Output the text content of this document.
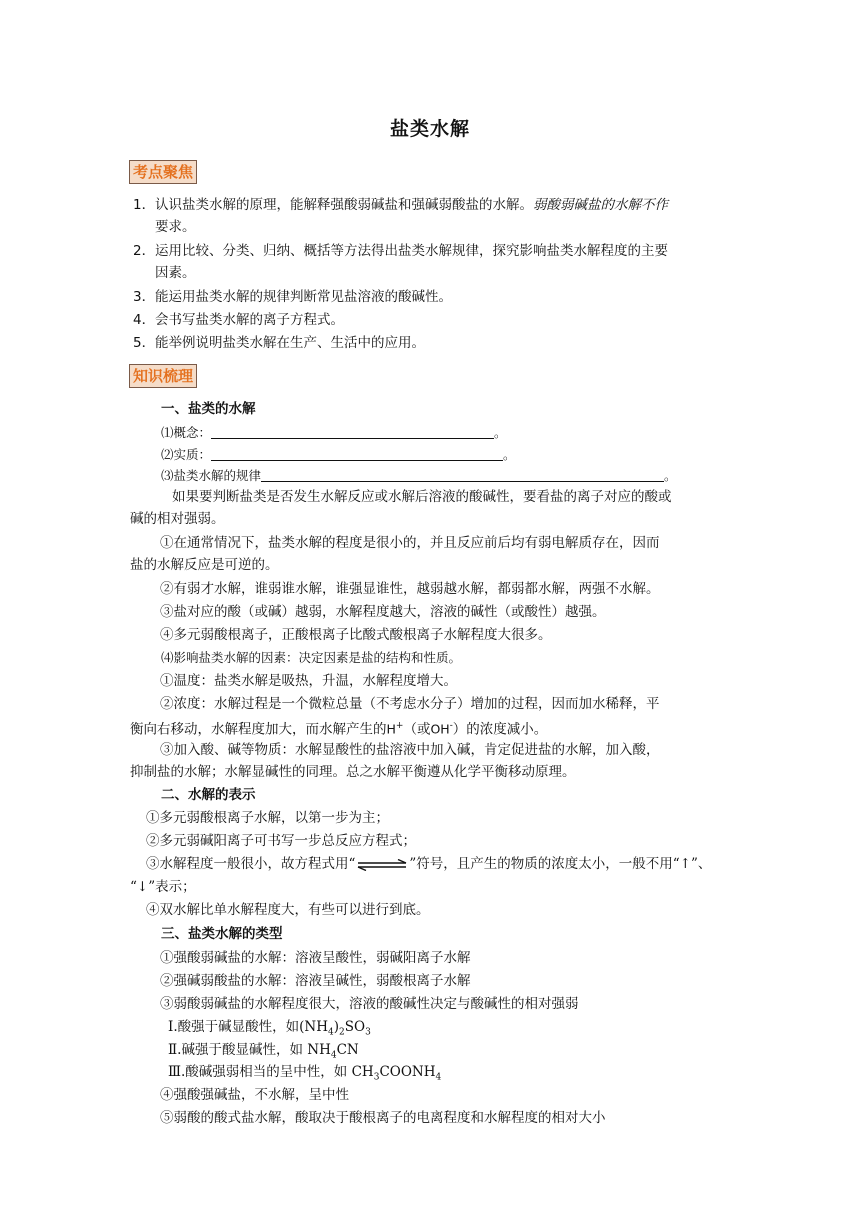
盐类水解
考点聚焦
1．认识盐类水解的原理，能解释强酸弱碱盐和强碱弱酸盐的水解。弱酸弱碱盐的水解不作
要求。
2．运用比较、分类、归纳、概括等方法得出盐类水解规律，探究影响盐类水解程度的主要
因素。
3．能运用盐类水解的规律判断常见盐溶液的酸碱性。
4．会书写盐类水解的离子方程式。
5．能举例说明盐类水解在生产、生活中的应用。
知识梳理
一、盐类的水解
⑴概念：	。
⑵实质：	。
⑶盐类水解的规律	。
如果要判断盐类是否发生水解反应或水解后溶液的酸碱性，要看盐的离子对应的酸或
碱的相对强弱。
①在通常情况下，盐类水解的程度是很小的，并且反应前后均有弱电解质存在，因而
盐的水解反应是可逆的。
②有弱才水解，谁弱谁水解，谁强显谁性，越弱越水解，都弱都水解，两强不水解。
③盐对应的酸（或碱）越弱，水解程度越大，溶液的碱性（或酸性）越强。
④多元弱酸根离子，正酸根离子比酸式酸根离子水解程度大很多。
⑷影响盐类水解的因素：决定因素是盐的结构和性质。
①温度：盐类水解是吸热，升温，水解程度增大。
②浓度：水解过程是一个微粒总量（不考虑水分子）增加的过程，因而加水稀释，平
衡向右移动，水解程度加大，而水解产生的H+（或OH-）的浓度减小。
③加入酸、碱等物质：水解显酸性的盐溶液中加入碱，肯定促进盐的水解，加入酸，
抑制盐的水解；水解显碱性的同理。总之水解平衡遵从化学平衡移动原理。
二、水解的表示
①多元弱酸根离子水解，以第一步为主；
②多元弱碱阳离子可书写一步总反应方程式；
③水解程度一般很小，故方程式用“⇌”符号，且产生的物质的浓度太小，一般不用“↑”、
“↓”表示；
④双水解比单水解程度大，有些可以进行到底。
三、盐类水解的类型
①强酸弱碱盐的水解：溶液呈酸性，弱碱阳离子水解
②强碱弱酸盐的水解：溶液呈碱性，弱酸根离子水解
③弱酸弱碱盐的水解程度很大，溶液的酸碱性决定与酸碱性的相对强弱
Ⅰ.酸强于碱显酸性，如$(NH_4)_2SO_3$
Ⅱ.碱强于酸显碱性，如 $NH_4CN$
Ⅲ.酸碱强弱相当的呈中性，如 $CH_3COONH_4$
④强酸强碱盐，不水解，呈中性
⑤弱酸的酸式盐水解，酸取决于酸根离子的电离程度和水解程度的相对大小
